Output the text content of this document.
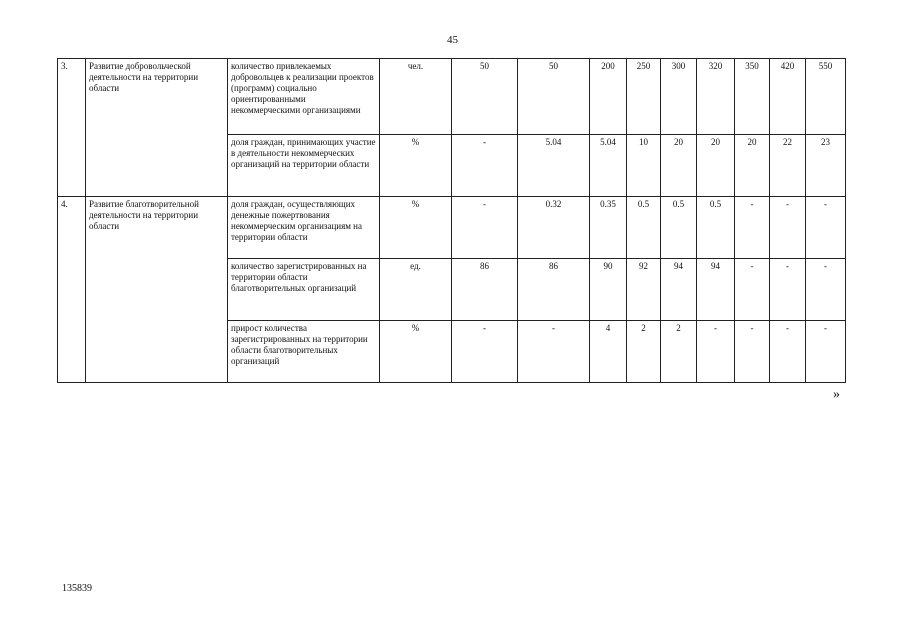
45
3.	Развитие добровольческой деятельности на территории области	количество привлекаемых добровольцев к реализации проектов (программ) социально ориентированными некоммерческими организациями	чел.	50	50	200	250	300	320	350	420	550
		доля граждан, принимающих участие в деятельности некоммерческих организаций на территории области	%	-	5.04	5.04	10	20	20	20	22	23
4.	Развитие благотворительной деятельности на территории области	доля граждан, осуществляющих денежные пожертвования некоммерческим организациям на территории области	%	-	0.32	0.35	0.5	0.5	0.5	-	-	-
		количество зарегистрированных на территории области благотворительных организаций	ед.	86	86	90	92	94	94	-	-	-
		прирост количества зарегистрированных на территории области благотворительных организаций	%	-	-	4	2	2	-	-	-	-
»
135839
